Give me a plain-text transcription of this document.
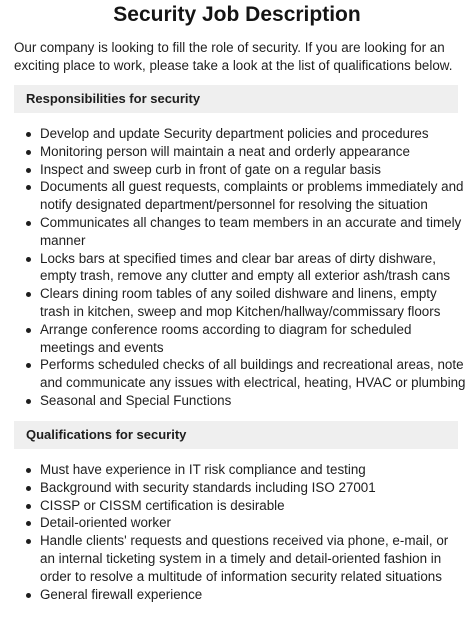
Security Job Description

Our company is looking to fill the role of security. If you are looking for an exciting place to work, please take a look at the list of qualifications below.

Responsibilities for security
Develop and update Security department policies and procedures
Monitoring person will maintain a neat and orderly appearance
Inspect and sweep curb in front of gate on a regular basis
Documents all guest requests, complaints or problems immediately and notify designated department/personnel for resolving the situation
Communicates all changes to team members in an accurate and timely manner
Locks bars at specified times and clear bar areas of dirty dishware, empty trash, remove any clutter and empty all exterior ash/trash cans
Clears dining room tables of any soiled dishware and linens, empty trash in kitchen, sweep and mop Kitchen/hallway/commissary floors
Arrange conference rooms according to diagram for scheduled meetings and events
Performs scheduled checks of all buildings and recreational areas, note and communicate any issues with electrical, heating, HVAC or plumbing
Seasonal and Special Functions
Qualifications for security
Must have experience in IT risk compliance and testing
Background with security standards including ISO 27001
CISSP or CISSM certification is desirable
Detail-oriented worker
Handle clients' requests and questions received via phone, e-mail, or an internal ticketing system in a timely and detail-oriented fashion in order to resolve a multitude of information security related situations
General firewall experience
